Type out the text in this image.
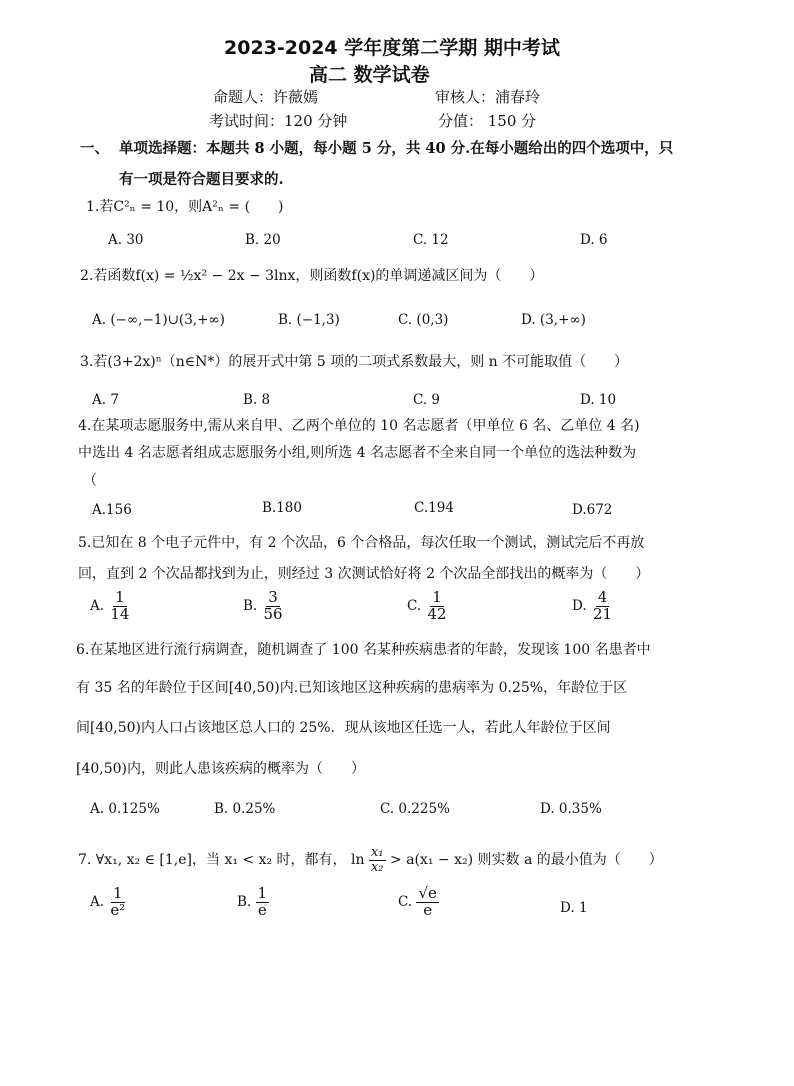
2023-2024 学年度第二学期 期中考试
高二 数学试卷
命题人：许薇嫣	审核人：浦春玲
考试时间：120 分钟	分值： 150 分
一、 单项选择题：本题共 8 小题，每小题 5 分，共 40 分.在每小题给出的四个选项中，只
有一项是符合题目要求的.
1.若C²ₙ = 10，则A²ₙ = (　　)
A. 30	B. 20	C. 12	D. 6
2.若函数f(x) = ½x² − 2x − 3lnx，则函数f(x)的单调递减区间为（　　）
A. (−∞,−1)∪(3,+∞)	B. (−1,3)	C. (0,3)	D. (3,+∞)
3.若(3+2x)ⁿ（n∈N*）的展开式中第 5 项的二项式系数最大，则 n 不可能取值（　　）
A. 7	B. 8	C. 9	D. 10
4.在某项志愿服务中,需从来自甲、乙两个单位的 10 名志愿者（甲单位 6 名、乙单位 4 名)
中选出 4 名志愿者组成志愿服务小组,则所选 4 名志愿者不全来自同一个单位的选法种数为
（
A.156	B.180	C.194	D.672
5.已知在 8 个电子元件中，有 2 个次品，6 个合格品，每次任取一个测试，测试完后不再放
回，直到 2 个次品都找到为止，则经过 3 次测试恰好将 2 个次品全部找出的概率为（　　）
A. $\frac{1}{14}$	B. $\frac{3}{56}$	C. $\frac{1}{42}$	D. $\frac{4}{21}$
6.在某地区进行流行病调查，随机调查了 100 名某种疾病患者的年龄，发现该 100 名患者中
有 35 名的年龄位于区间[40,50)内.已知该地区这种疾病的患病率为 0.25%，年龄位于区
间[40,50)内人口占该地区总人口的 25%．现从该地区任选一人，若此人年龄位于区间
[40,50)内，则此人患该疾病的概率为（　　）
A. 0.125%	B. 0.25%	C. 0.225%	D. 0.35%
7. ∀x₁, x₂ ∈ [1,e]，当 x₁ < x₂ 时，都有， $\ln \frac{\text{x₁}}{\text{x₂}} > a(x_1 - x_2)$ 则实数 a 的最小值为（　　）
A. $\frac{1}{\text{e²}}$	B. $\frac{1}{e}$	C. $\frac{√e}{e}$	D. 1
